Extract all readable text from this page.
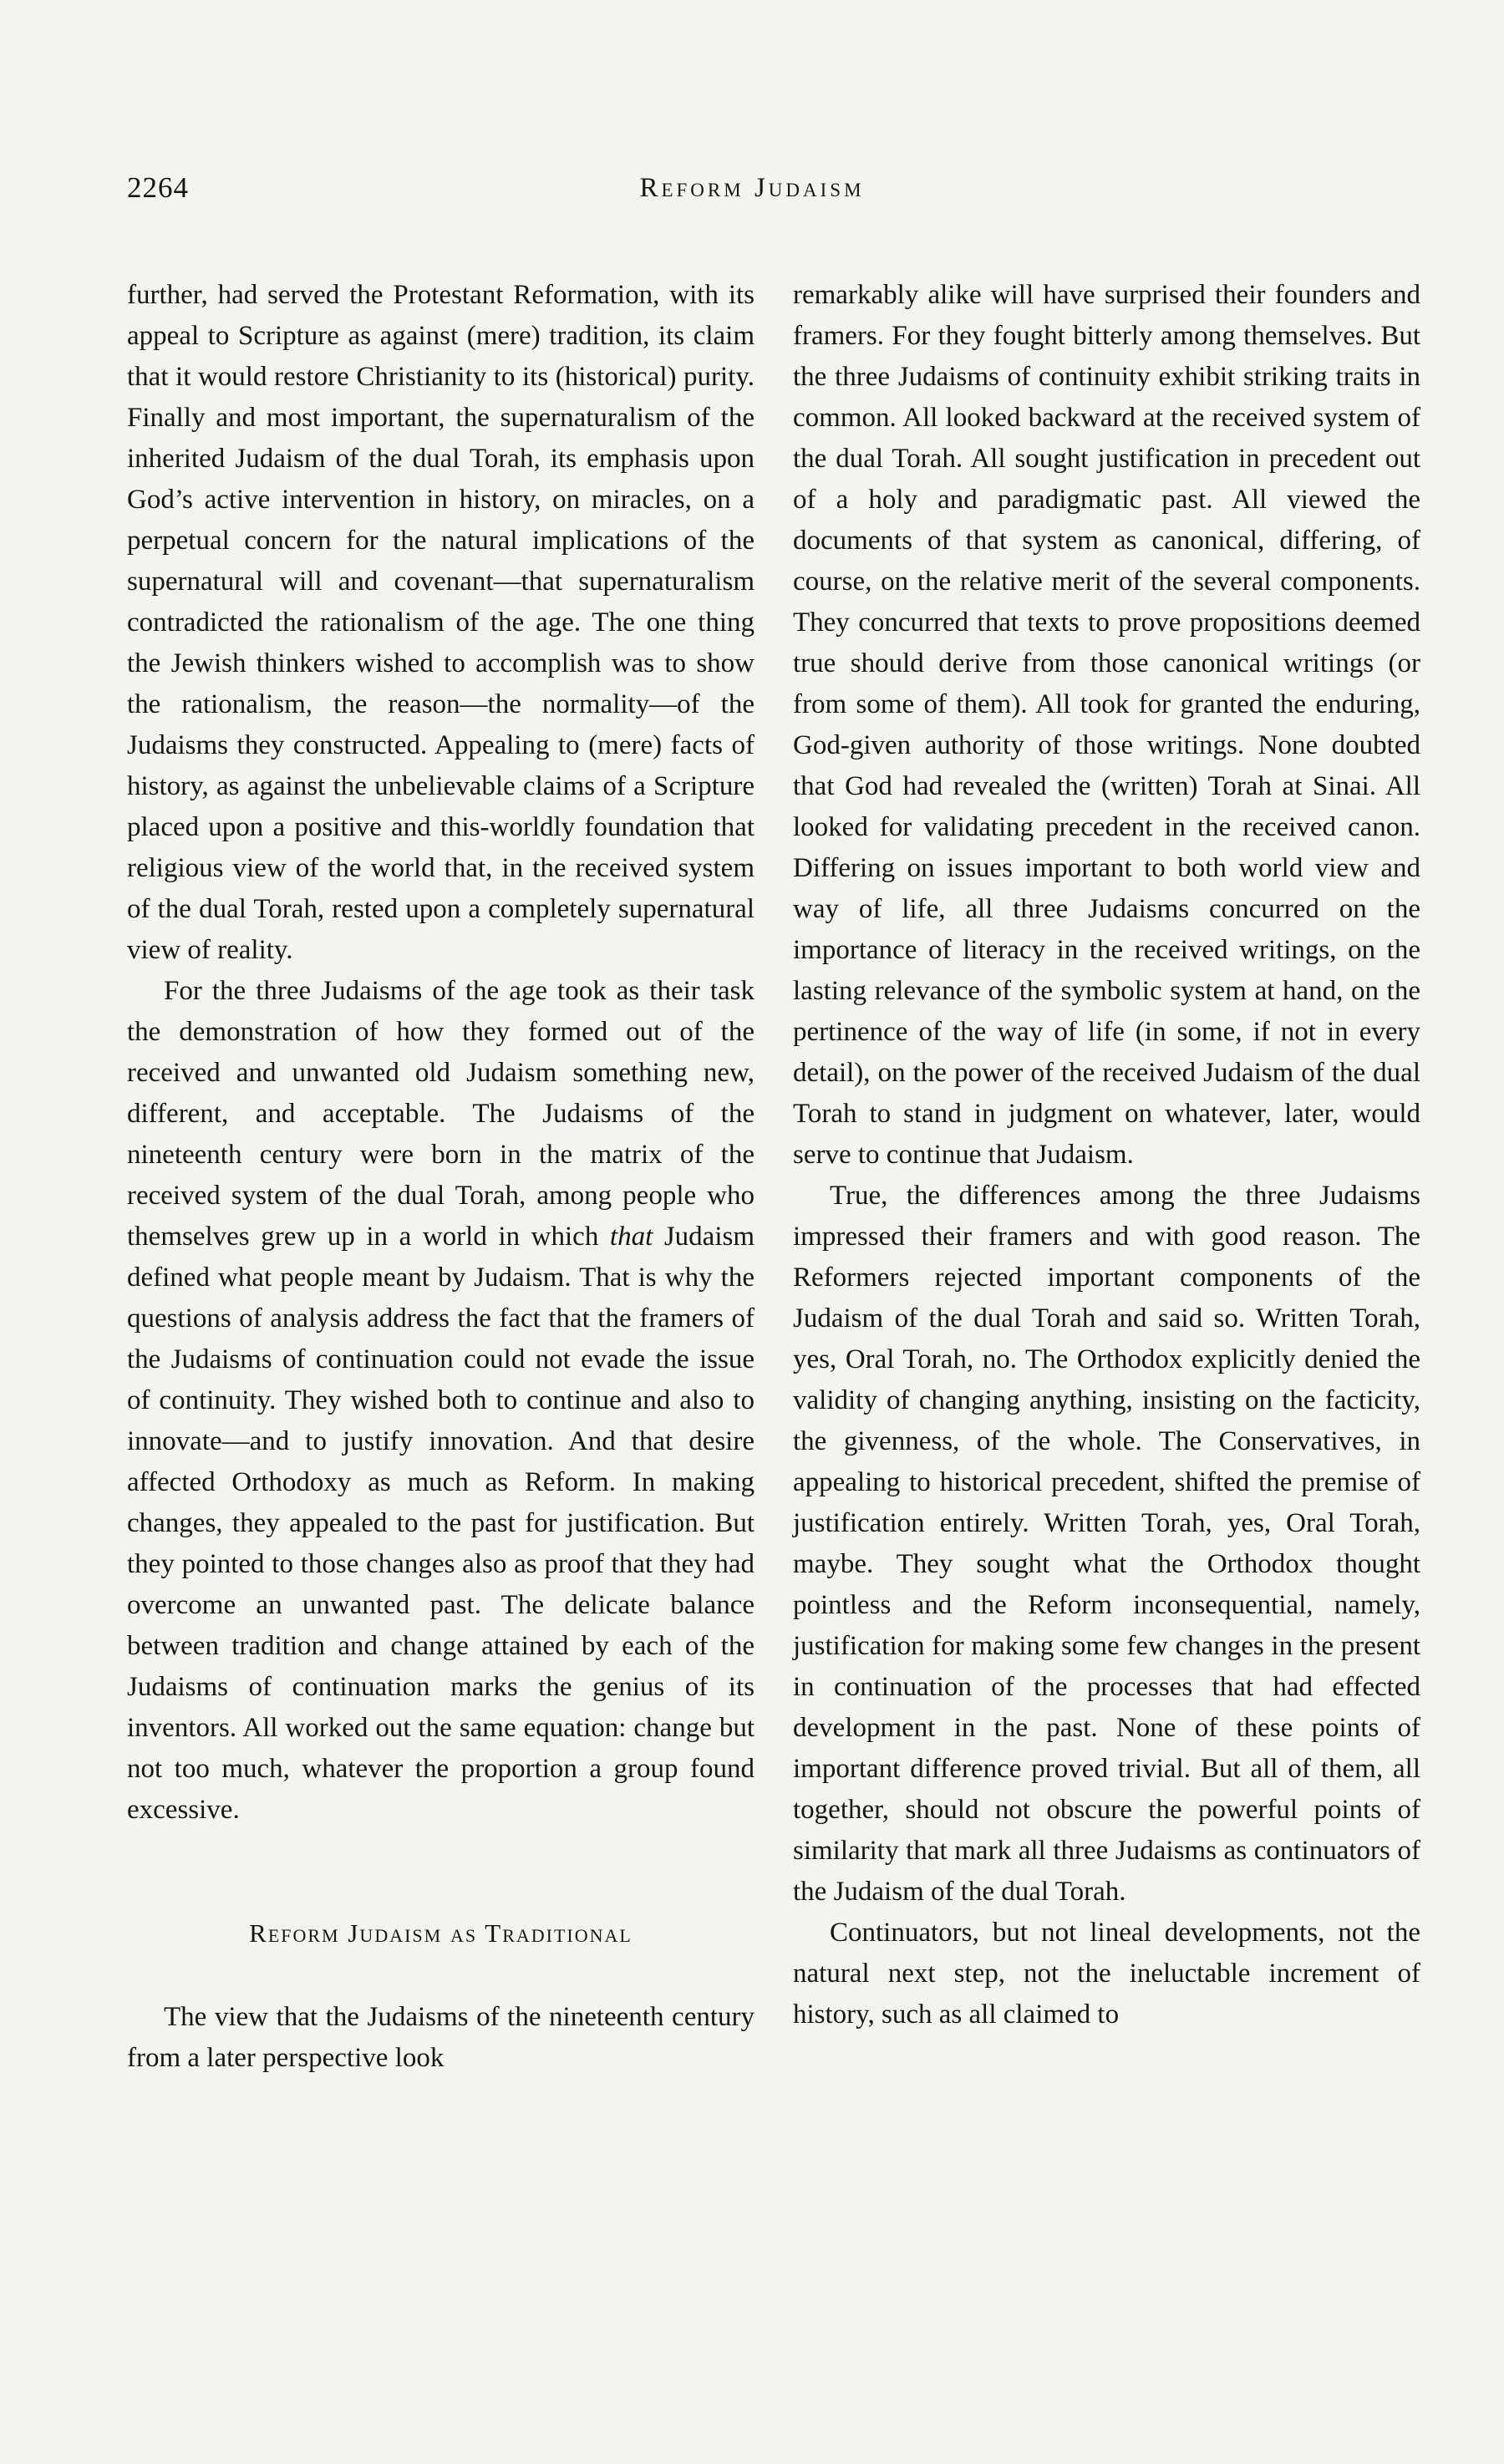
2264	Reform Judaism

further, had served the Protestant Reformation, with its appeal to Scripture as against (mere) tradition, its claim that it would restore Christianity to its (historical) purity. Finally and most important, the supernaturalism of the inherited Judaism of the dual Torah, its emphasis upon God’s active intervention in history, on miracles, on a perpetual concern for the natural implications of the supernatural will and covenant—that supernaturalism contradicted the rationalism of the age. The one thing the Jewish thinkers wished to accomplish was to show the rationalism, the reason—the normality—of the Judaisms they constructed. Appealing to (mere) facts of history, as against the unbelievable claims of a Scripture placed upon a positive and this-worldly foundation that religious view of the world that, in the received system of the dual Torah, rested upon a completely supernatural view of reality.

For the three Judaisms of the age took as their task the demonstration of how they formed out of the received and unwanted old Judaism something new, different, and acceptable. The Judaisms of the nineteenth century were born in the matrix of the received system of the dual Torah, among people who themselves grew up in a world in which that Judaism defined what people meant by Judaism. That is why the questions of analysis address the fact that the framers of the Judaisms of continuation could not evade the issue of continuity. They wished both to continue and also to innovate—and to justify innovation. And that desire affected Orthodoxy as much as Reform. In making changes, they appealed to the past for justification. But they pointed to those changes also as proof that they had overcome an unwanted past. The delicate balance between tradition and change attained by each of the Judaisms of continuation marks the genius of its inventors. All worked out the same equation: change but not too much, whatever the proportion a group found excessive.

Reform Judaism as Traditional

The view that the Judaisms of the nineteenth century from a later perspective look

remarkably alike will have surprised their founders and framers. For they fought bitterly among themselves. But the three Judaisms of continuity exhibit striking traits in common. All looked backward at the received system of the dual Torah. All sought justification in precedent out of a holy and paradigmatic past. All viewed the documents of that system as canonical, differing, of course, on the relative merit of the several components. They concurred that texts to prove propositions deemed true should derive from those canonical writings (or from some of them). All took for granted the enduring, God-given authority of those writings. None doubted that God had revealed the (written) Torah at Sinai. All looked for validating precedent in the received canon. Differing on issues important to both world view and way of life, all three Judaisms concurred on the importance of literacy in the received writings, on the lasting relevance of the symbolic system at hand, on the pertinence of the way of life (in some, if not in every detail), on the power of the received Judaism of the dual Torah to stand in judgment on whatever, later, would serve to continue that Judaism.

True, the differences among the three Judaisms impressed their framers and with good reason. The Reformers rejected important components of the Judaism of the dual Torah and said so. Written Torah, yes, Oral Torah, no. The Orthodox explicitly denied the validity of changing anything, insisting on the facticity, the givenness, of the whole. The Conservatives, in appealing to historical precedent, shifted the premise of justification entirely. Written Torah, yes, Oral Torah, maybe. They sought what the Orthodox thought pointless and the Reform inconsequential, namely, justification for making some few changes in the present in continuation of the processes that had effected development in the past. None of these points of important difference proved trivial. But all of them, all together, should not obscure the powerful points of similarity that mark all three Judaisms as continuators of the Judaism of the dual Torah.

Continuators, but not lineal developments, not the natural next step, not the ineluctable increment of history, such as all claimed to
